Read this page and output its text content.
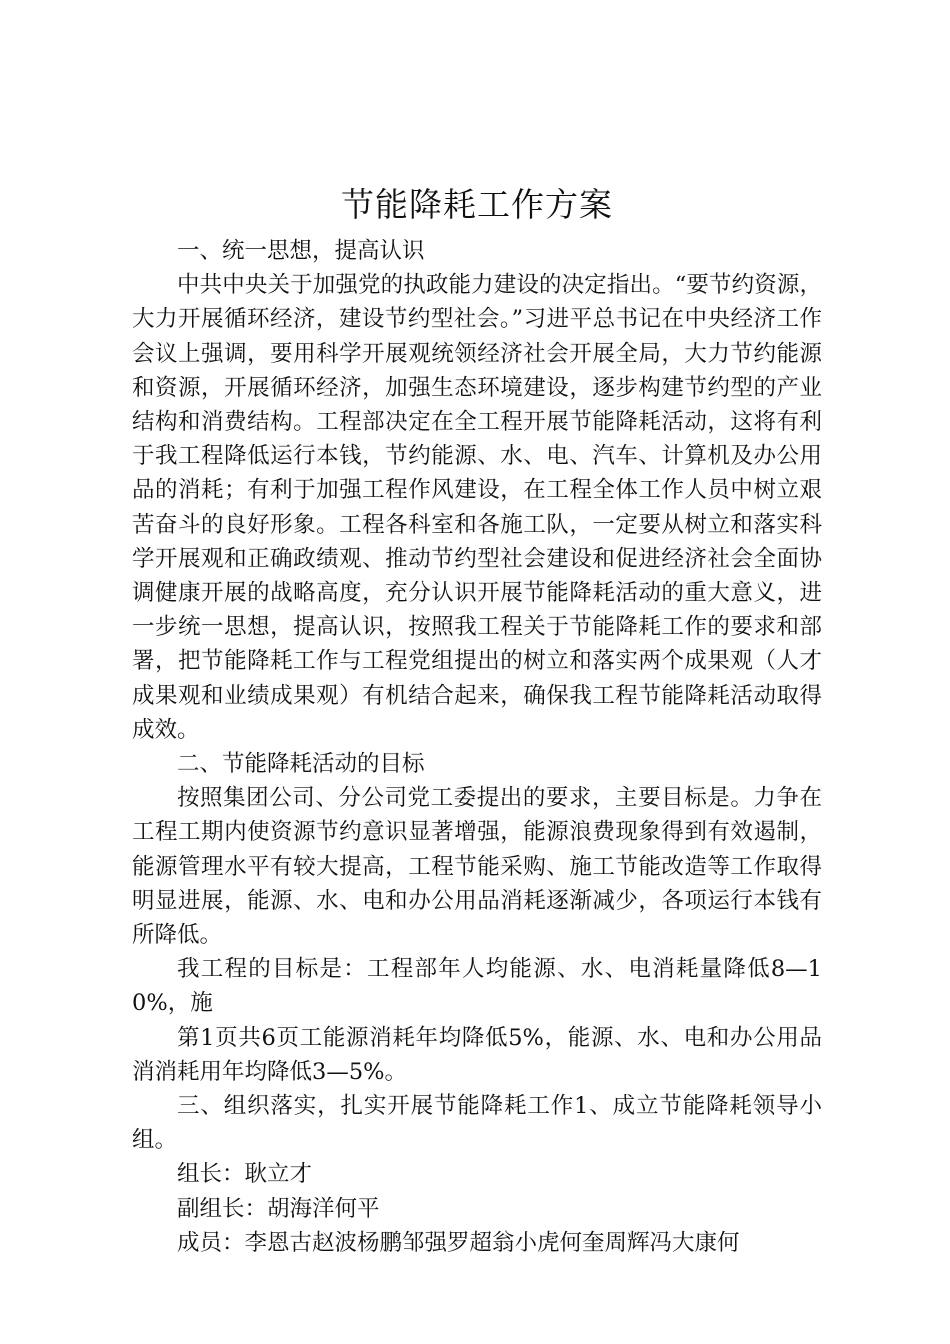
节能降耗工作方案

一、统一思想，提高认识

中共中央关于加强党的执政能力建设的决定指出。“要节约资源，大力开展循环经济，建设节约型社会。”习进平总书记在中央经济工作会议上强调，要用科学开展观统领经济社会开展全局，大力节约能源和资源，开展循环经济，加强生态环境建设，逐步构建节约型的产业结构和消费结构。工程部决定在全工程开展节能降耗活动，这将有利于我工程降低运行本钱，节约能源、水、电、汽车、计算机及办公用品的消耗；有利于加强工程作风建设，在工程全体工作人员中树立艰苦奋斗的良好形象。工程各科室和各施工队，一定要从树立和落实科学开展观和正确政绩观、推动节约型社会建设和促进经济社会全面协调健康开展的战略高度，充分认识开展节能降耗活动的重大意义，进一步统一思想，提高认识，按照我工程关于节能降耗工作的要求和部署，把节能降耗工作与工程党组提出的树立和落实两个成果观（人才成果观和业绩成果观）有机结合起来，确保我工程节能降耗活动取得成效。

二、节能降耗活动的目标

按照集团公司、分公司党工委提出的要求，主要目标是。力争在工程工期内使资源节约意识显著增强，能源浪费现象得到有效遏制，能源管理水平有较大提高，工程节能采购、施工节能改造等工作取得明显进展，能源、水、电和办公用品消耗逐渐减少，各项运行本钱有所降低。

我工程的目标是：工程部年人均能源、水、电消耗量降低8—10%，施

第1页共6页工能源消耗年均降低5%，能源、水、电和办公用品消消耗用年均降低3—5%。

三、组织落实，扎实开展节能降耗工作1、成立节能降耗领导小组。

组长：耿立才

副组长：胡海洋何平

成员：李恩古赵波杨鹏邹强罗超翁小虎何奎周辉冯大康何
